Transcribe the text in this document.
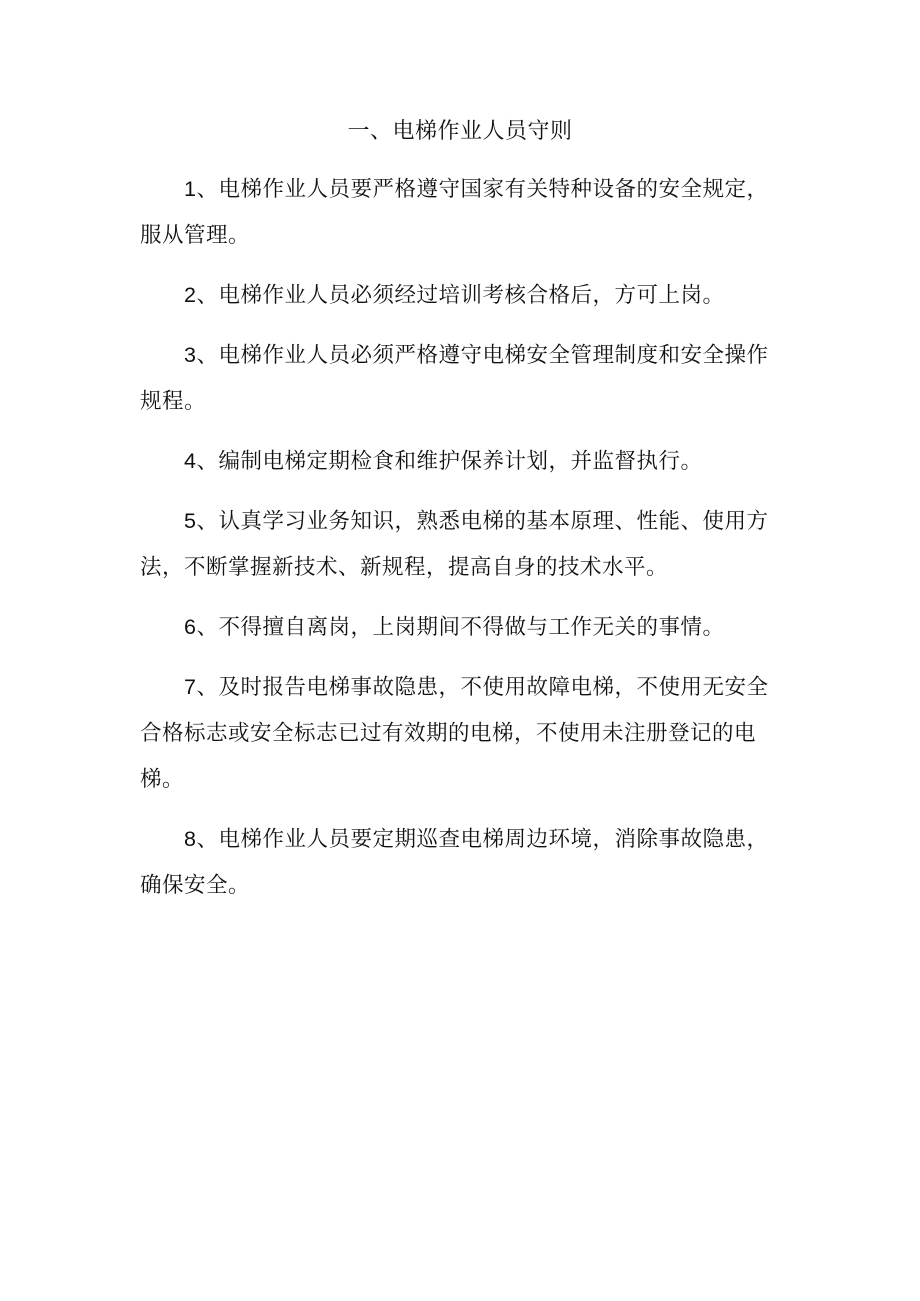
一、电梯作业人员守则

1、电梯作业人员要严格遵守国家有关特种设备的安全规定，服从管理。

2、电梯作业人员必须经过培训考核合格后，方可上岗。

3、电梯作业人员必须严格遵守电梯安全管理制度和安全操作规程。

4、编制电梯定期检食和维护保养计划，并监督执行。

5、认真学习业务知识，熟悉电梯的基本原理、性能、使用方法，不断掌握新技术、新规程，提高自身的技术水平。

6、不得擅自离岗，上岗期间不得做与工作无关的事情。

7、及时报告电梯事故隐患，不使用故障电梯，不使用无安全合格标志或安全标志已过有效期的电梯，不使用未注册登记的电梯。

8、电梯作业人员要定期巡查电梯周边环境，消除事故隐患，确保安全。
